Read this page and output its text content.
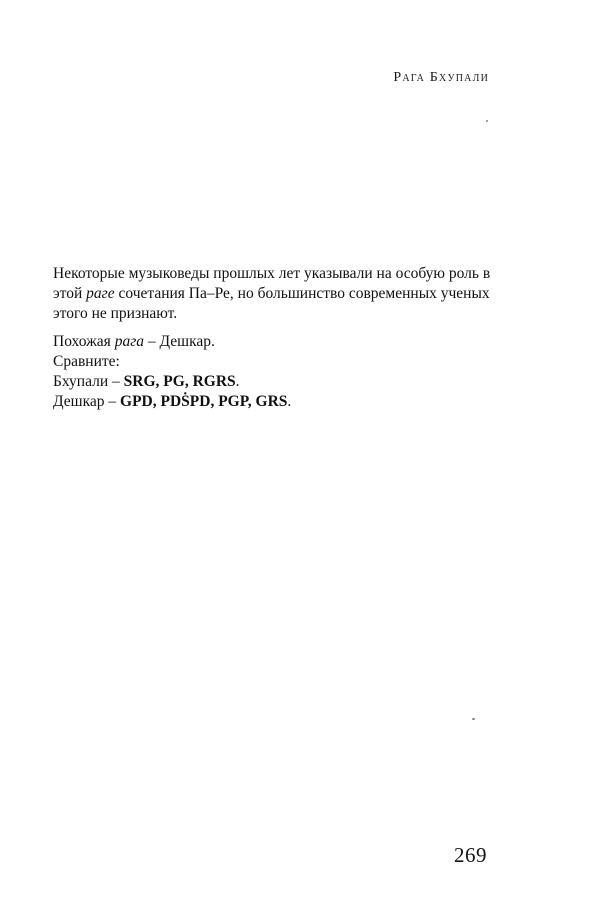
Рага Бхупали

Некоторые музыковеды прошлых лет указывали на особую роль в

этой раге сочетания Па–Ре, но большинство современных ученых

этого не признают.

Похожая рага – Дешкар.

Сравните:

Бхупали – SRG, PG, RGRS.

Дешкар – GPD, PDṠPD, PGP, GRS.

269
